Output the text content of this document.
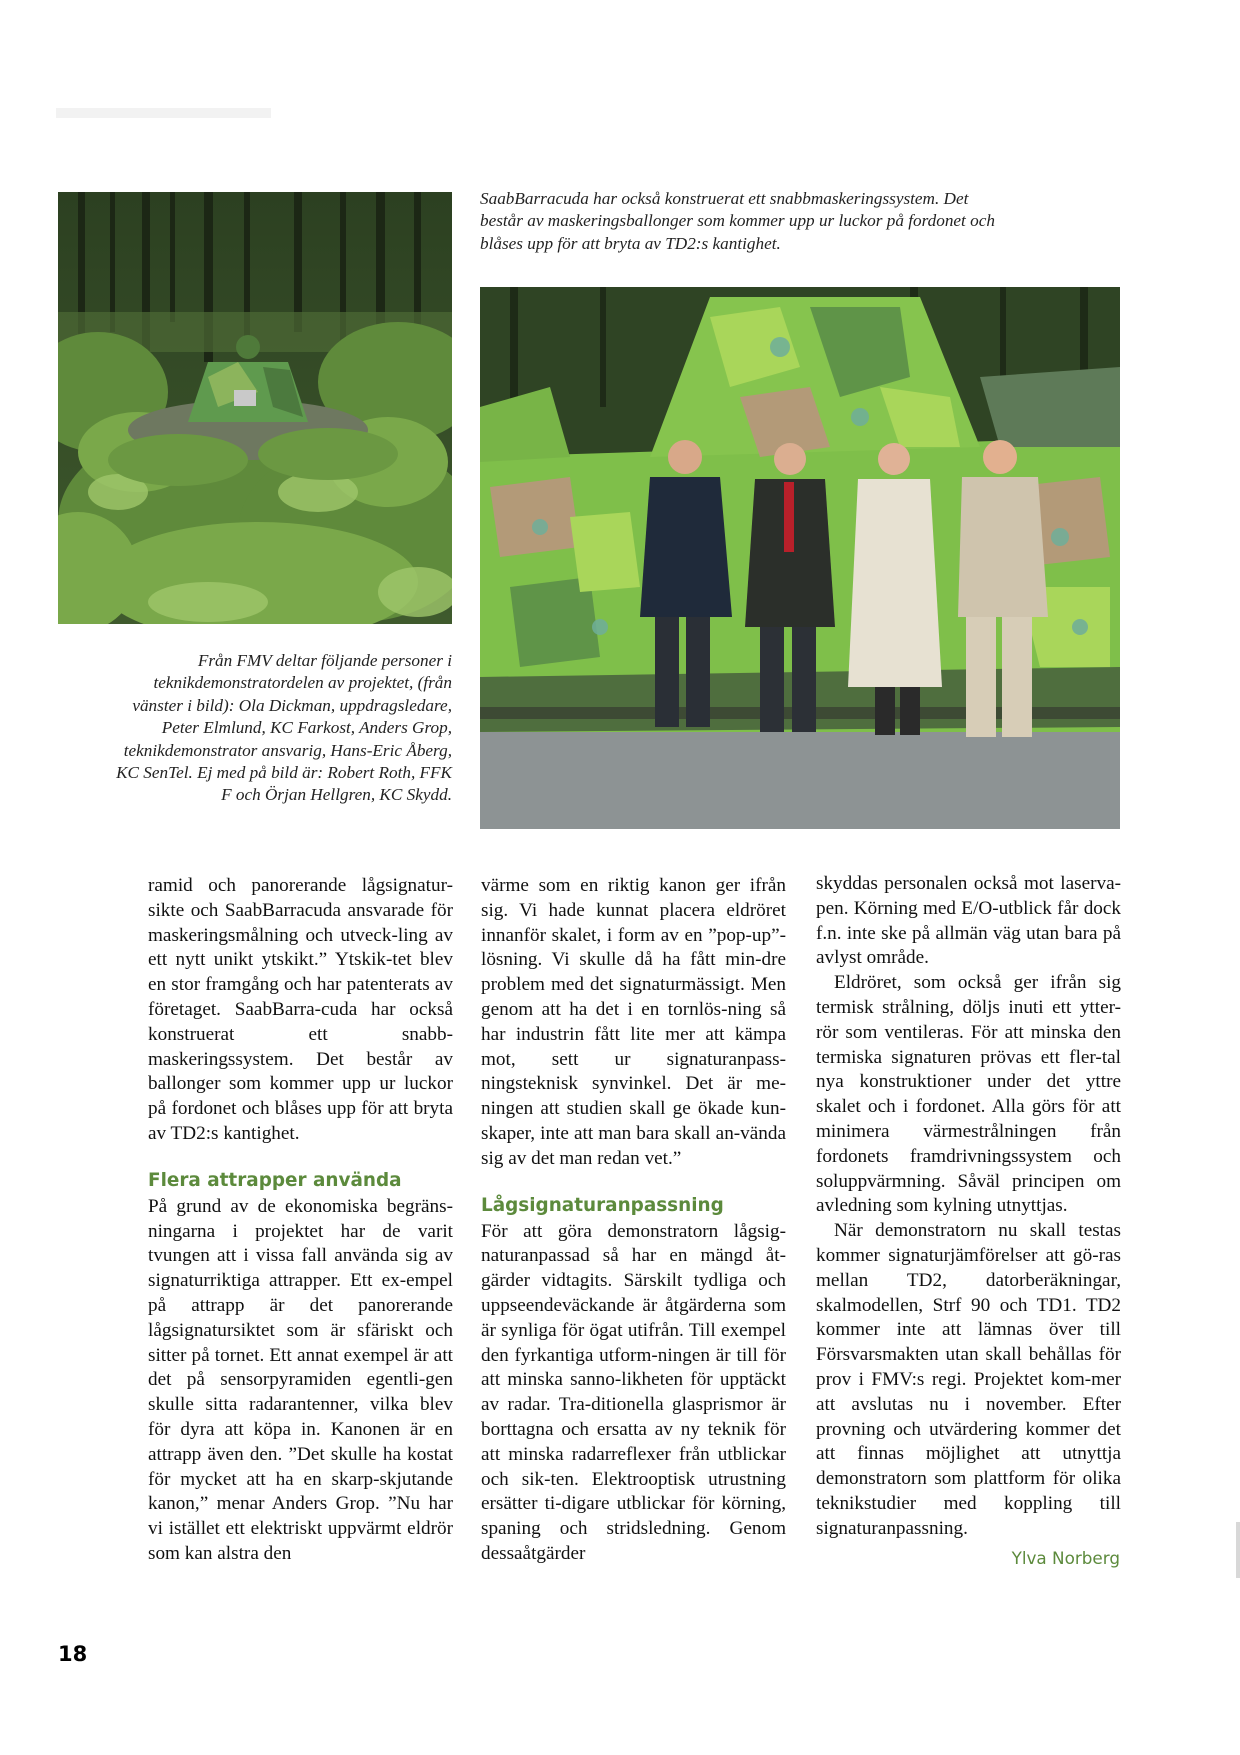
SaabBarracuda har också konstruerat ett snabbmaskeringssystem. Det består av maskeringsballonger som kommer upp ur luckor på fordonet och blåses upp för att bryta av TD2:s kantighet.
Från FMV deltar följande personer i teknikdemonstratordelen av projektet, (från vänster i bild): Ola Dickman, uppdragsledare, Peter Elmlund, KC Farkost, Anders Grop, teknikdemonstrator ansvarig, Hans-Eric Åberg, KC SenTel. Ej med på bild är: Robert Roth, FFK F och Örjan Hellgren, KC Skydd.

ramid och panorerande lågsignatur-sikte och SaabBarracuda ansvarade för maskeringsmålning och utveck-ling av ett nytt unikt ytskikt.” Ytskik-tet blev en stor framgång och har patenterats av företaget. SaabBarra-cuda har också konstruerat ett snabb-maskeringssystem. Det består av ballonger som kommer upp ur luckor på fordonet och blåses upp för att bryta av TD2:s kantighet.

Flera attrapper använda

På grund av de ekonomiska begräns-ningarna i projektet har de varit tvungen att i vissa fall använda sig av signaturriktiga attrapper. Ett ex-empel på attrapp är det panorerande lågsignatursiktet som är sfäriskt och sitter på tornet. Ett annat exempel är att det på sensorpyramiden egentli-gen skulle sitta radarantenner, vilka blev för dyra att köpa in. Kanonen är en attrapp även den. ”Det skulle ha kostat för mycket att ha en skarp-skjutande kanon,” menar Anders Grop. ”Nu har vi istället ett elektriskt uppvärmt eldrör som kan alstra den

värme som en riktig kanon ger ifrån sig. Vi hade kunnat placera eldröret innanför skalet, i form av en ”pop-up”-lösning. Vi skulle då ha fått min-dre problem med det signaturmässigt. Men genom att ha det i en tornlös-ning så har industrin fått lite mer att kämpa mot, sett ur signaturanpass-ningsteknisk synvinkel. Det är me-ningen att studien skall ge ökade kun-skaper, inte att man bara skall an-vända sig av det man redan vet.”

Lågsignaturanpassning

För att göra demonstratorn lågsig-naturanpassad så har en mängd åt-gärder vidtagits. Särskilt tydliga och uppseendeväckande är åtgärderna som är synliga för ögat utifrån. Till exempel den fyrkantiga utform-ningen är till för att minska sanno-likheten för upptäckt av radar. Tra-ditionella glasprismor är borttagna och ersatta av ny teknik för att minska radarreflexer från utblickar och sik-ten. Elektrooptisk utrustning ersätter ti-digare utblickar för körning, spaning och stridsledning. Genom dessaåtgärder

skyddas personalen också mot laserva-pen. Körning med E/O-utblick får dock f.n. inte ske på allmän väg utan bara på avlyst område.

Eldröret, som också ger ifrån sig termisk strålning, döljs inuti ett ytter-rör som ventileras. För att minska den termiska signaturen prövas ett fler-tal nya konstruktioner under det yttre skalet och i fordonet. Alla görs för att minimera värmestrålningen från fordonets framdrivningssystem och soluppvärmning. Såväl principen om avledning som kylning utnyttjas.

När demonstratorn nu skall testas kommer signaturjämförelser att gö-ras mellan TD2, datorberäkningar, skalmodellen, Strf 90 och TD1. TD2 kommer inte att lämnas över till Försvarsmakten utan skall behållas för prov i FMV:s regi. Projektet kom-mer att avslutas nu i november. Efter provning och utvärdering kommer det att finnas möjlighet att utnyttja demonstratorn som plattform för olika teknikstudier med koppling till signaturanpassning.

Ylva Norberg
18
